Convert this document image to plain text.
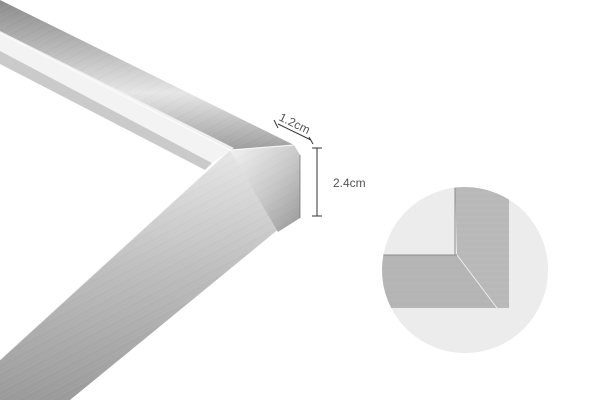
1.2cm
2.4cm
